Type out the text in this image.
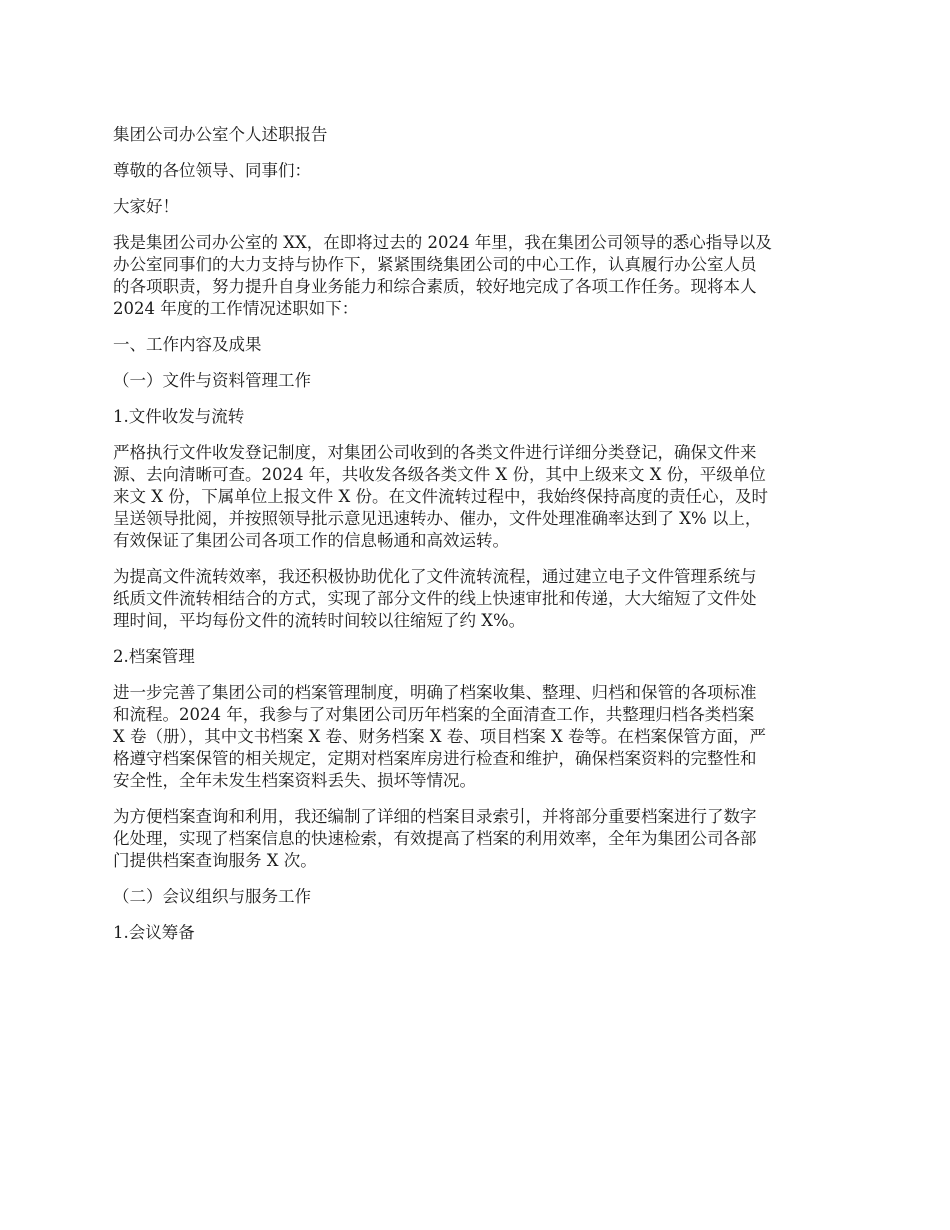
集团公司办公室个人述职报告

尊敬的各位领导、同事们：

大家好！

我是集团公司办公室的 XX，在即将过去的 2024 年里，我在集团公司领导的悉心指导以及

办公室同事们的大力支持与协作下，紧紧围绕集团公司的中心工作，认真履行办公室人员

的各项职责，努力提升自身业务能力和综合素质，较好地完成了各项工作任务。现将本人

2024 年度的工作情况述职如下：

一、工作内容及成果

（一）文件与资料管理工作

1.文件收发与流转

严格执行文件收发登记制度，对集团公司收到的各类文件进行详细分类登记，确保文件来

源、去向清晰可查。2024 年，共收发各级各类文件 X 份，其中上级来文 X 份，平级单位

来文 X 份，下属单位上报文件 X 份。在文件流转过程中，我始终保持高度的责任心，及时

呈送领导批阅，并按照领导批示意见迅速转办、催办，文件处理准确率达到了 X% 以上，

有效保证了集团公司各项工作的信息畅通和高效运转。

为提高文件流转效率，我还积极协助优化了文件流转流程，通过建立电子文件管理系统与

纸质文件流转相结合的方式，实现了部分文件的线上快速审批和传递，大大缩短了文件处

理时间，平均每份文件的流转时间较以往缩短了约 X%。

2.档案管理

进一步完善了集团公司的档案管理制度，明确了档案收集、整理、归档和保管的各项标准

和流程。2024 年，我参与了对集团公司历年档案的全面清查工作，共整理归档各类档案

X 卷（册），其中文书档案 X 卷、财务档案 X 卷、项目档案 X 卷等。在档案保管方面，严

格遵守档案保管的相关规定，定期对档案库房进行检查和维护，确保档案资料的完整性和

安全性，全年未发生档案资料丢失、损坏等情况。

为方便档案查询和利用，我还编制了详细的档案目录索引，并将部分重要档案进行了数字

化处理，实现了档案信息的快速检索，有效提高了档案的利用效率，全年为集团公司各部

门提供档案查询服务 X 次。

（二）会议组织与服务工作

1.会议筹备
